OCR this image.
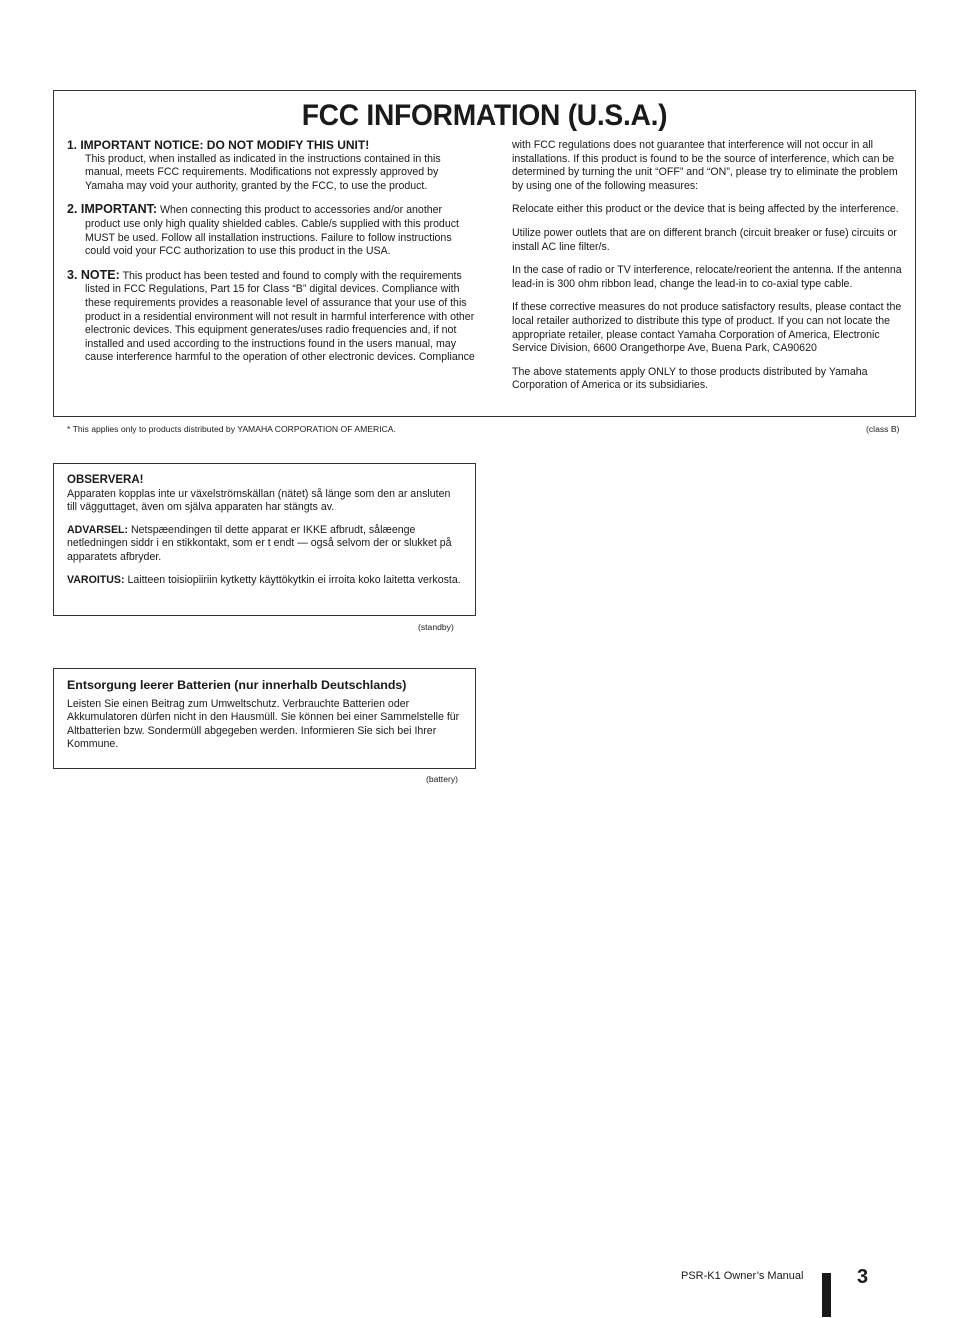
FCC INFORMATION (U.S.A.)
1. IMPORTANT NOTICE: DO NOT MODIFY THIS UNIT!
This product, when installed as indicated in the instructions contained in this manual, meets FCC requirements. Modifications not expressly approved by Yamaha may void your authority, granted by the FCC, to use the product.
2. IMPORTANT: When connecting this product to accessories and/or another product use only high quality shielded cables. Cable/s supplied with this product MUST be used. Follow all installation instructions. Failure to follow instructions could void your FCC authorization to use this product in the USA.
3. NOTE: This product has been tested and found to comply with the requirements listed in FCC Regulations, Part 15 for Class “B” digital devices. Compliance with these requirements provides a reasonable level of assurance that your use of this product in a residential environment will not result in harmful interference with other electronic devices. This equipment generates/uses radio frequencies and, if not installed and used according to the instructions found in the users manual, may cause interference harmful to the operation of other electronic devices. Compliance

with FCC regulations does not guarantee that interference will not occur in all installations. If this product is found to be the source of interference, which can be determined by turning the unit “OFF” and “ON”, please try to eliminate the problem by using one of the following measures:

Relocate either this product or the device that is being affected by the interference.

Utilize power outlets that are on different branch (circuit breaker or fuse) circuits or install AC line filter/s.

In the case of radio or TV interference, relocate/reorient the antenna. If the antenna lead-in is 300 ohm ribbon lead, change the lead-in to co-axial type cable.

If these corrective measures do not produce satisfactory results, please contact the local retailer authorized to distribute this type of product. If you can not locate the appropriate retailer, please contact Yamaha Corporation of America, Electronic Service Division, 6600 Orangethorpe Ave, Buena Park, CA90620

The above statements apply ONLY to those products distributed by Yamaha Corporation of America or its subsidiaries.

* This applies only to products distributed by YAMAHA CORPORATION OF AMERICA.	(class B)
OBSERVERA!

Apparaten kopplas inte ur växelströmskällan (nätet) så länge som den ar ansluten till vägguttaget, även om själva apparaten har stängts av.

ADVARSEL: Netspæendingen til dette apparat er IKKE afbrudt, sålæenge netledningen siddr i en stikkontakt, som er t endt — også selvom der or slukket på apparatets afbryder.

VAROITUS: Laitteen toisiopiiriin kytketty käyttökytkin ei irroita koko laitetta verkosta.

(standby)
Entsorgung leerer Batterien (nur innerhalb Deutschlands)
Leisten Sie einen Beitrag zum Umweltschutz. Verbrauchte Batterien oder Akkumulatoren dürfen nicht in den Hausmüll. Sie können bei einer Sammelstelle für Altbatterien bzw. Sondermüll abgegeben werden. Informieren Sie sich bei Ihrer Kommune.
(battery)
PSR-K1 Owner’s Manual	3
